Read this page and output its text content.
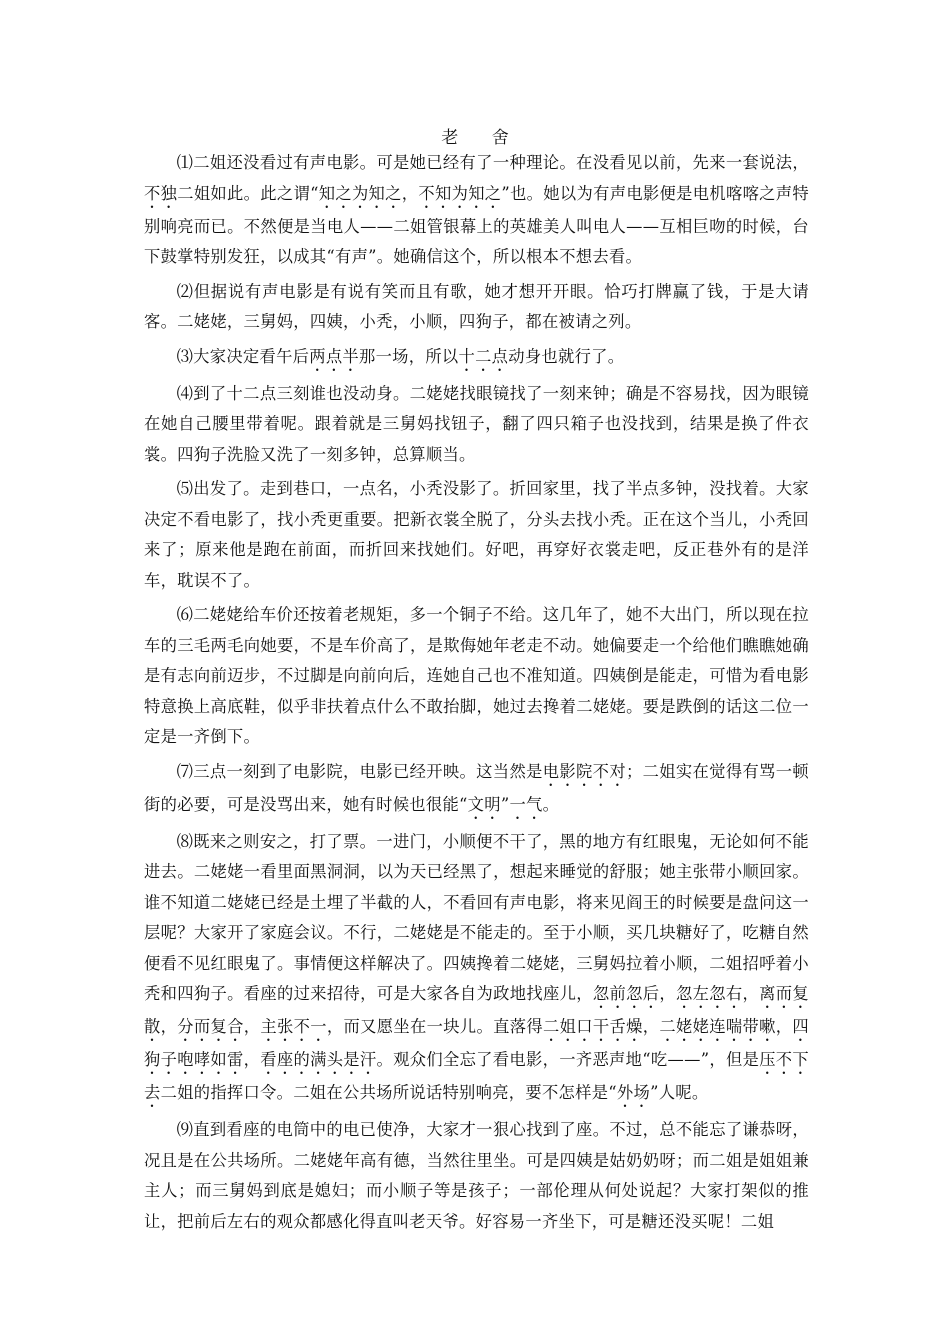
老 舍

⑴二姐还没看过有声电影。可是她已经有了一种理论。在没看见以前，先来一套说法，不独二姐如此。此之谓“知之为知之，不知为知之”也。她以为有声电影便是电机喀喀之声特别响亮而已。不然便是当电人——二姐管银幕上的英雄美人叫电人——互相巨吻的时候，台下鼓掌特别发狂，以成其“有声”。她确信这个，所以根本不想去看。

⑵但据说有声电影是有说有笑而且有歌，她才想开开眼。恰巧打牌赢了钱，于是大请客。二姥姥，三舅妈，四姨，小秃，小顺，四狗子，都在被请之列。

⑶大家决定看午后两点半那一场，所以十二点动身也就行了。

⑷到了十二点三刻谁也没动身。二姥姥找眼镜找了一刻来钟；确是不容易找，因为眼镜在她自己腰里带着呢。跟着就是三舅妈找钮子，翻了四只箱子也没找到，结果是换了件衣裳。四狗子洗脸又洗了一刻多钟，总算顺当。

⑸出发了。走到巷口，一点名，小秃没影了。折回家里，找了半点多钟，没找着。大家决定不看电影了，找小秃更重要。把新衣裳全脱了，分头去找小秃。正在这个当儿，小秃回来了；原来他是跑在前面，而折回来找她们。好吧，再穿好衣裳走吧，反正巷外有的是洋车，耽误不了。

⑹二姥姥给车价还按着老规矩，多一个铜子不给。这几年了，她不大出门，所以现在拉车的三毛两毛向她要，不是车价高了，是欺侮她年老走不动。她偏要走一个给他们瞧瞧她确是有志向前迈步，不过脚是向前向后，连她自己也不准知道。四姨倒是能走，可惜为看电影特意换上高底鞋，似乎非扶着点什么不敢抬脚，她过去搀着二姥姥。要是跌倒的话这二位一定是一齐倒下。

⑺三点一刻到了电影院，电影已经开映。这当然是电影院不对；二姐实在觉得有骂一顿街的必要，可是没骂出来，她有时候也很能“文明”一气。

⑻既来之则安之，打了票。一进门，小顺便不干了，黑的地方有红眼鬼，无论如何不能进去。二姥姥一看里面黑洞洞，以为天已经黑了，想起来睡觉的舒服；她主张带小顺回家。谁不知道二姥姥已经是土埋了半截的人，不看回有声电影，将来见阎王的时候要是盘问这一层呢？大家开了家庭会议。不行，二姥姥是不能走的。至于小顺，买几块糖好了，吃糖自然便看不见红眼鬼了。事情便这样解决了。四姨搀着二姥姥，三舅妈拉着小顺，二姐招呼着小秃和四狗子。看座的过来招待，可是大家各自为政地找座儿，忽前忽后，忽左忽右，离而复散，分而复合，主张不一，而又愿坐在一块儿。直落得二姐口干舌燥，二姥姥连喘带嗽，四狗子咆哮如雷，看座的满头是汗。观众们全忘了看电影，一齐恶声地“吃——”，但是压不下去二姐的指挥口令。二姐在公共场所说话特别响亮，要不怎样是“外场”人呢。

⑼直到看座的电筒中的电已使净，大家才一狠心找到了座。不过，总不能忘了谦恭呀，况且是在公共场所。二姥姥年高有德，当然往里坐。可是四姨是姑奶奶呀；而二姐是姐姐兼主人；而三舅妈到底是媳妇；而小顺子等是孩子；一部伦理从何处说起？大家打架似的推让，把前后左右的观众都感化得直叫老天爷。好容易一齐坐下，可是糖还没买呢！二姐
